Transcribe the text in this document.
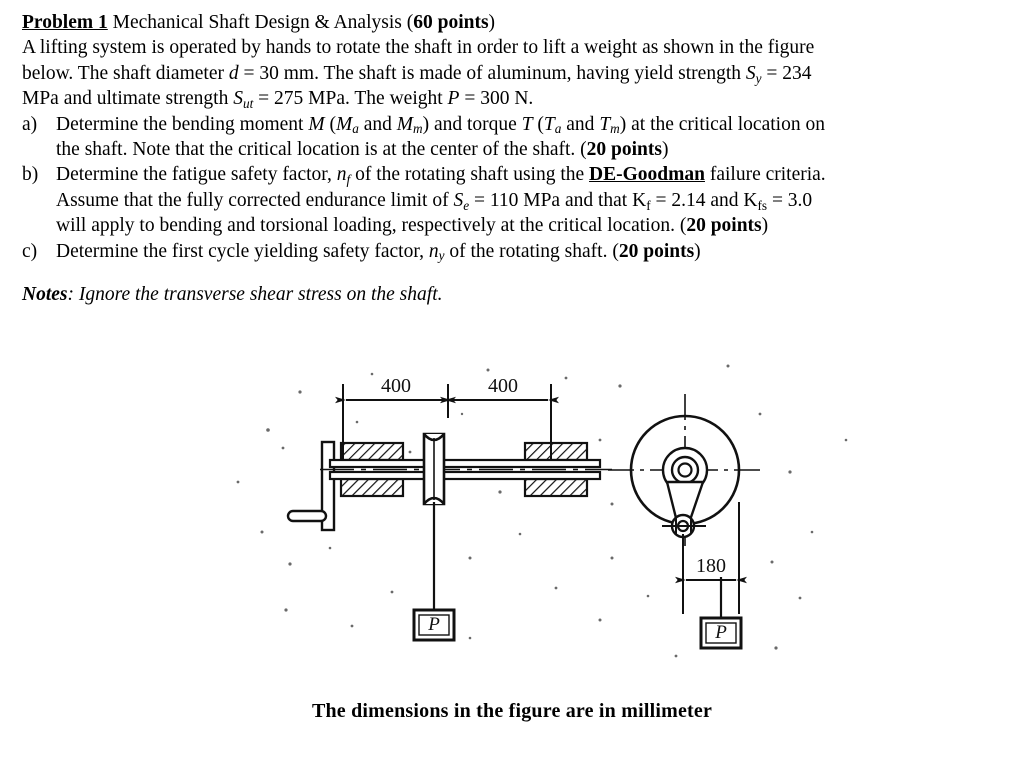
Problem 1 Mechanical Shaft Design & Analysis (60 points)
A lifting system is operated by hands to rotate the shaft in order to lift a weight as shown in the figure
below. The shaft diameter d = 30 mm. The shaft is made of aluminum, having yield strength $S_y = 234$
MPa and ultimate strength $S_{ut} = 275$ MPa. The weight P = 300 N.
a) Determine the bending moment M ($M_a$ and $M_m$) and torque T ($T_a$ and $T_m$) at the critical location on
the shaft. Note that the critical location is at the center of the shaft. (20 points)
b) Determine the fatigue safety factor, $n_f$ of the rotating shaft using the DE-Goodman failure criteria.
Assume that the fully corrected endurance limit of $S_e = 110$ MPa and that $K_f = 2.14$ and $K_{fs} = 3.0$
will apply to bending and torsional loading, respectively at the critical location. (20 points)
c) Determine the first cycle yielding safety factor, $n_y$ of the rotating shaft. (20 points)
Notes: Ignore the transverse shear stress on the shaft.
400	400
P
180
P
The dimensions in the figure are in millimeter
